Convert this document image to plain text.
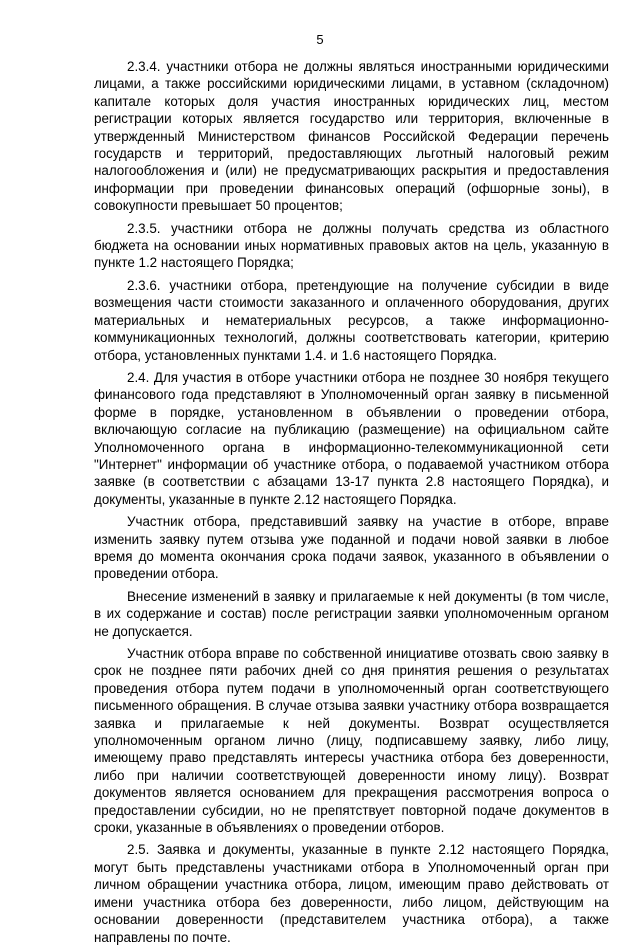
5

2.3.4. участники отбора не должны являться иностранными юридическими лицами, а также российскими юридическими лицами, в уставном (складочном) капитале которых доля участия иностранных юридических лиц, местом регистрации которых является государство или территория, включенные в утвержденный Министерством финансов Российской Федерации перечень государств и территорий, предоставляющих льготный налоговый режим налогообложения и (или) не предусматривающих раскрытия и предоставления информации при проведении финансовых операций (офшорные зоны), в совокупности превышает 50 процентов;

2.3.5. участники отбора не должны получать средства из областного бюджета на основании иных нормативных правовых актов на цель, указанную в пункте 1.2 настоящего Порядка;

2.3.6. участники отбора, претендующие на получение субсидии в виде возмещения части стоимости заказанного и оплаченного оборудования, других материальных и нематериальных ресурсов, а также информационно-коммуникационных технологий, должны соответствовать категории, критерию отбора, установленных пунктами 1.4. и 1.6 настоящего Порядка.

2.4. Для участия в отборе участники отбора не позднее 30 ноября текущего финансового года представляют в Уполномоченный орган заявку в письменной форме в порядке, установленном в объявлении о проведении отбора, включающую согласие на публикацию (размещение) на официальном сайте Уполномоченного органа в информационно-телекоммуникационной сети "Интернет" информации об участнике отбора, о подаваемой участником отбора заявке (в соответствии с абзацами 13-17 пункта 2.8 настоящего Порядка), и документы, указанные в пункте 2.12 настоящего Порядка.

Участник отбора, представивший заявку на участие в отборе, вправе изменить заявку путем отзыва уже поданной и подачи новой заявки в любое время до момента окончания срока подачи заявок, указанного в объявлении о проведении отбора.

Внесение изменений в заявку и прилагаемые к ней документы (в том числе, в их содержание и состав) после регистрации заявки уполномоченным органом не допускается.

Участник отбора вправе по собственной инициативе отозвать свою заявку в срок не позднее пяти рабочих дней со дня принятия решения о результатах проведения отбора путем подачи в уполномоченный орган соответствующего письменного обращения. В случае отзыва заявки участнику отбора возвращается заявка и прилагаемые к ней документы. Возврат осуществляется уполномоченным органом лично (лицу, подписавшему заявку, либо лицу, имеющему право представлять интересы участника отбора без доверенности, либо при наличии соответствующей доверенности иному лицу). Возврат документов является основанием для прекращения рассмотрения вопроса о предоставлении субсидии, но не препятствует повторной подаче документов в сроки, указанные в объявлениях о проведении отборов.

2.5. Заявка и документы, указанные в пункте 2.12 настоящего Порядка, могут быть представлены участниками отбора в Уполномоченный орган при личном обращении участника отбора, лицом, имеющим право действовать от имени участника отбора без доверенности, либо лицом, действующим на основании доверенности (представителем участника отбора), а также направлены по почте.
